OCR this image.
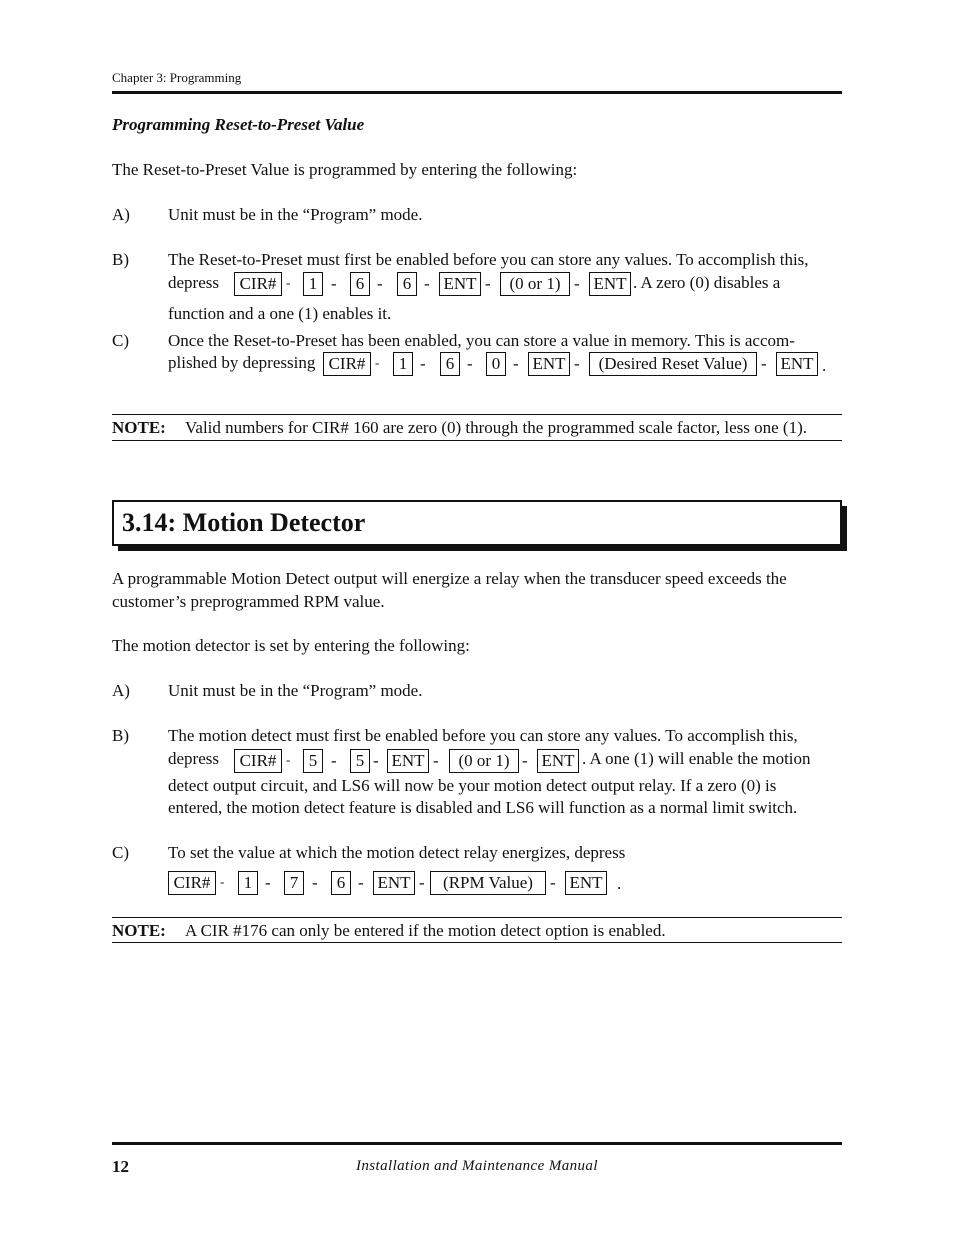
Chapter 3: Programming
Programming Reset-to-Preset Value
The Reset-to-Preset Value is programmed by entering the following:
A) Unit must be in the “Program” mode.
B) The Reset-to-Preset must first be enabled before you can store any values. To accomplish this,
depress	CIR# -	1 -	6 -	6 - ENT -	(0 or 1) - ENT . A zero (0) disables a
function and a one (1) enables it.
C) Once the Reset-to-Preset has been enabled, you can store a value in memory. This is accom-
plished by depressing CIR# -	1 -	6 -	0 - ENT -	(Desired Reset Value) - ENT .
NOTE: Valid numbers for CIR# 160 are zero (0) through the programmed scale factor, less one (1).
3.14: Motion Detector
A programmable Motion Detect output will energize a relay when the transducer speed exceeds the
customer’s preprogrammed RPM value.
The motion detector is set by entering the following:
A) Unit must be in the “Program” mode.
B) The motion detect must first be enabled before you can store any values. To accomplish this,
depress	CIR# -	5 -	5 - ENT -	(0 or 1) - ENT . A one (1) will enable the motion
detect output circuit, and LS6 will now be your motion detect output relay. If a zero (0) is
entered, the motion detect feature is disabled and LS6 will function as a normal limit switch.
C) To set the value at which the motion detect relay energizes, depress
CIR# -	1 -	7 -	6 - ENT -	(RPM Value)	- ENT .
NOTE: A CIR #176 can only be entered if the motion detect option is enabled.
12	Installation and Maintenance Manual
